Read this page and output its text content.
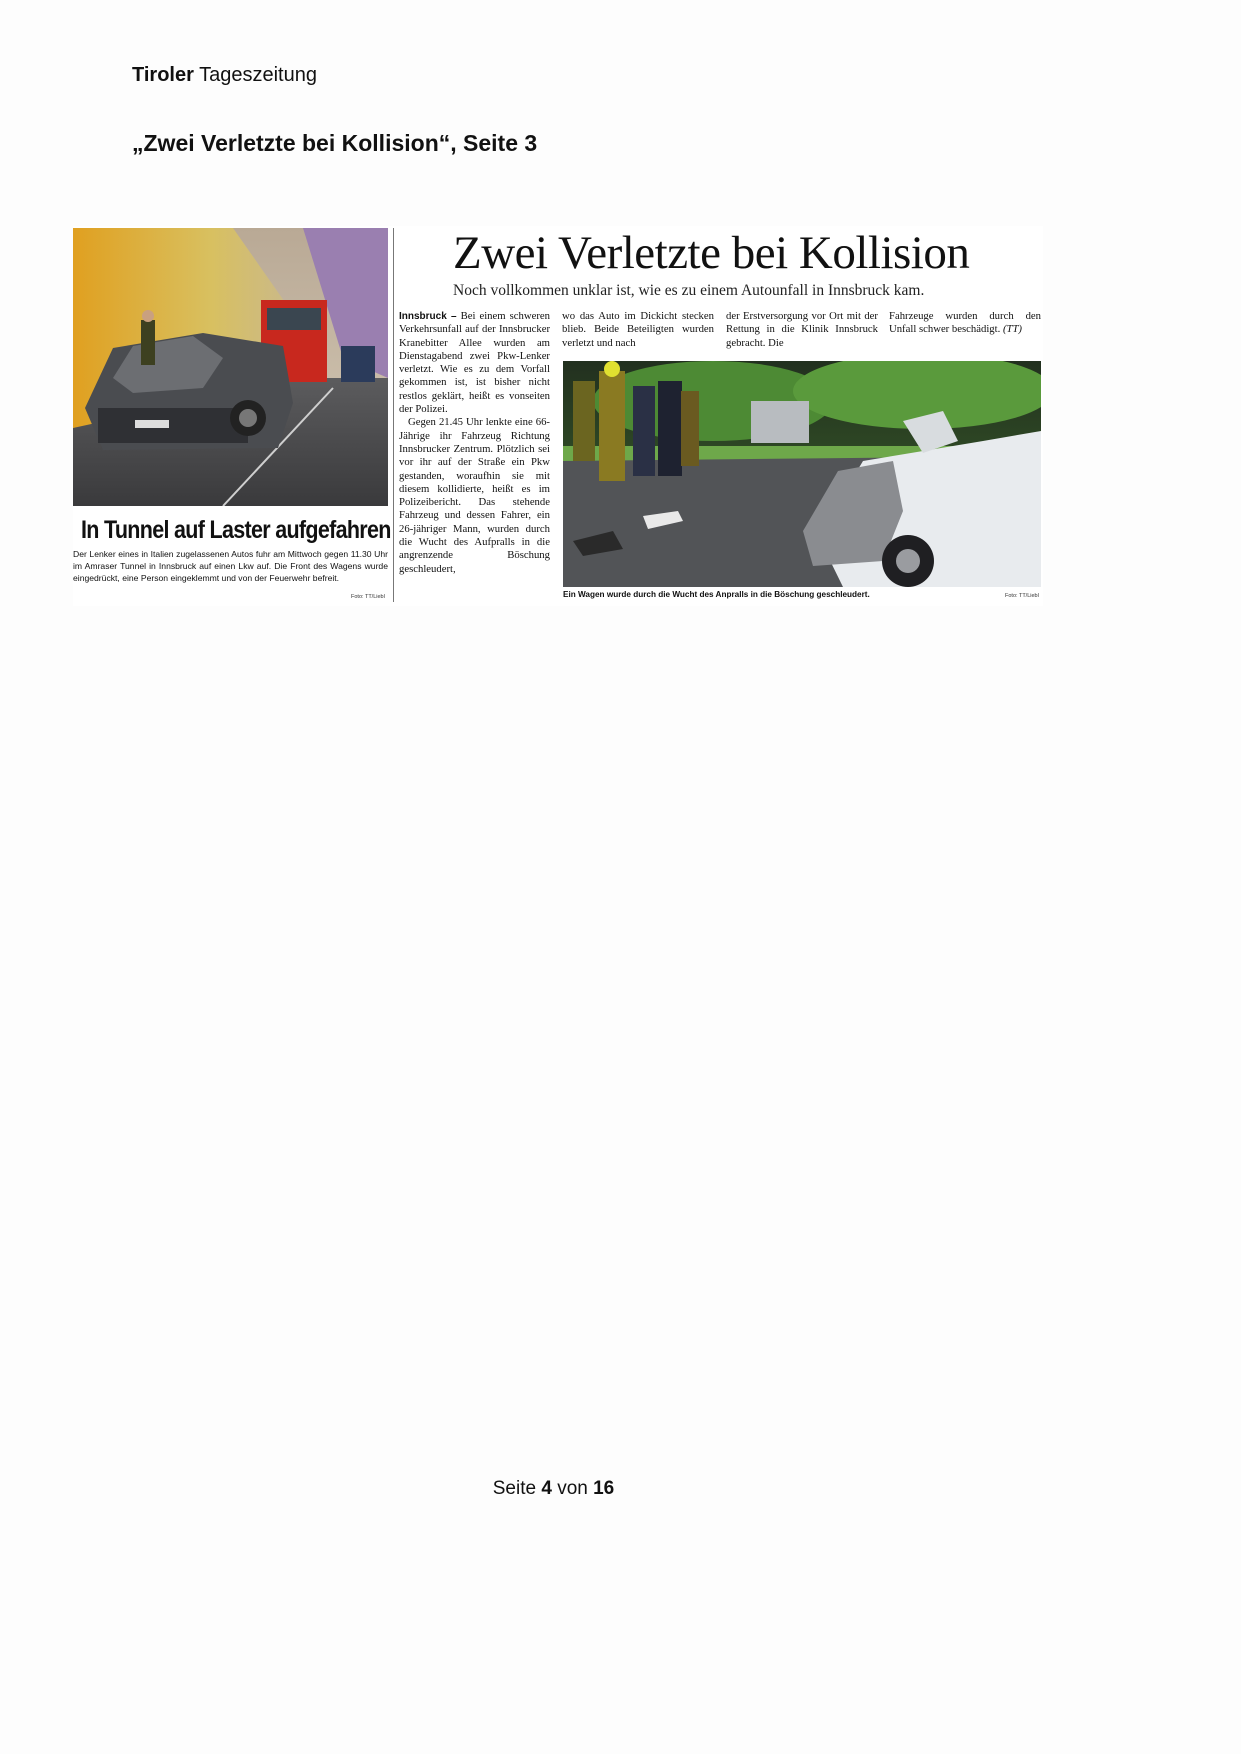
Tiroler Tageszeitung
„Zwei Verletzte bei Kollision“, Seite 3
In Tunnel auf Laster aufgefahren
Der Lenker eines in Italien zugelassenen Autos fuhr am Mittwoch gegen 11.30 Uhr im Amraser Tunnel in Innsbruck auf einen Lkw auf. Die Front des Wagens wurde eingedrückt, eine Person eingeklemmt und von der Feuerwehr befreit.
Foto: TT/Liebl
Zwei Verletzte bei Kollision
Noch vollkommen unklar ist, wie es zu einem Autounfall in Innsbruck kam.
Innsbruck – Bei einem schweren Verkehrsunfall auf der Innsbrucker Kranebitter Allee wurden am Dienstagabend zwei Pkw-Lenker verletzt. Wie es zu dem Vorfall gekommen ist, ist bisher nicht restlos geklärt, heißt es vonseiten der Polizei.
Gegen 21.45 Uhr lenkte eine 66-Jährige ihr Fahrzeug Richtung Innsbrucker Zentrum. Plötzlich sei vor ihr auf der Straße ein Pkw gestanden, woraufhin sie mit diesem kollidierte, heißt es im Polizeibericht. Das stehende Fahrzeug und dessen Fahrer, ein 26-jähriger Mann, wurden durch die Wucht des Aufpralls in die angrenzende Böschung geschleudert,
wo das Auto im Dickicht stecken blieb. Beide Beteiligten wurden verletzt und nach
der Erstversorgung vor Ort mit der Rettung in die Klinik Innsbruck gebracht. Die
Fahrzeuge wurden durch den Unfall schwer beschädigt. (TT)
Ein Wagen wurde durch die Wucht des Anpralls in die Böschung geschleudert.	Foto: TT/Liebl
Seite 4 von 16
